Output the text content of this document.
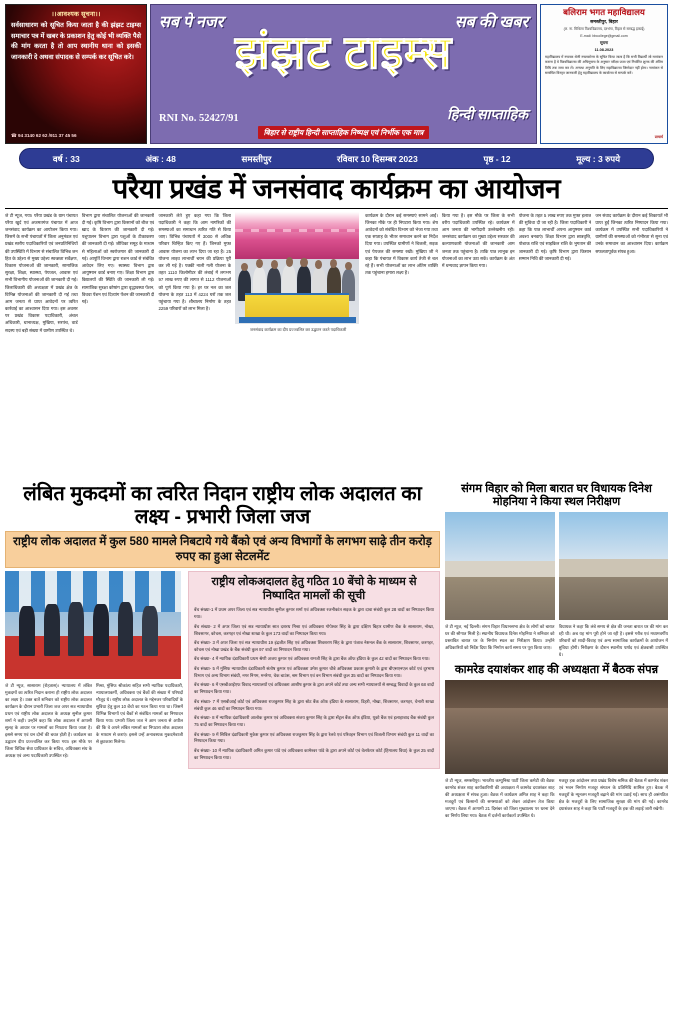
।।आवश्यक सूचना।।
सर्वसाधारण को सूचित किया जाता है की झंझट टाइम्स समाचार पत्र में खबर के प्रकाशन हेतु कोई भी व्यक्ति पैसे की मांग करता है तो आप स्थानीय थाना को इसकी जानकारी दे अथवा संपादक से सम्पर्क कर सूचित करे।
☎ 94 3140 62 62 /911 37 45 56
सब पे नजर	सब की खबर
झंझट टाइम्स
RNI No. 52427/91	हिन्दी साप्ताहिक
बिहार से राष्ट्रीय हिन्दी साप्ताहिक निष्पक्ष एवं निर्भीक एक मात्र
बलिराम भगत महाविद्यालय
समस्तीपुर, बिहार
(ल. ना. मिथिला विश्वविद्यालय, दरभंगा, बिहार से सम्बद्ध इकाई)
E-mail: bbcollege@gmail.com
सूचना
11.08.2023
महाविद्यालय में स्नातक श्रेणी स्नातकोत्तर के सूचित किया जाता है कि सभी विद्यार्थी जो नामांकन कराना है वे विश्वविद्यालय की अधिसूचना के अनुसार परीक्षा प्रपत्र एवं निर्धारित शुल्क की अंतिम तिथि तक जमा कर लें। अन्यथा अनुमति के लिए महाविद्यालय जिम्मेदार नहीं होगा। नामांकन से सम्बंधित विस्तृत जानकारी हेतु महाविद्यालय के कार्यालय से सम्पर्क करें।
प्राचार्य
वर्ष : 33	अंक : 48	समस्तीपुर	रविवार 10 दिसम्बर 2023	पृष्ठ - 12	मूल्य : 3 रुपये
परैया प्रखंड में जनसंवाद कार्यक्रम का आयोजन
जे टी न्यूज, गया। परैया प्रखंड के ग्राम पंचायत परैया खुर्द एवं अजमतगंज पंचायत में आज जनसंवाद कार्यक्रम का आयोजन किया गया। जिसमें के सभी पंचायतों में जिला अनुमंडल एवं प्रखंड स्तरीय पदाधिकारियों एवं जनप्रतिनिधियों की उपस्थिति में विभाग से संचालित विभिन्न जन हित के उद्देश्य से मुख्य उद्देश्य स्वच्छता सर्वेक्षण, विकास योजनाओं की जानकारी, सामाजिक सुरक्षा, शिक्षा, स्वास्थ्य, पेयजल, आवास एवं सभी विभागीय योजनाओं की जानकारी दी गई। जिलाधिकारी की अध्यक्षता में प्रखंड क्षेत्र के विभिन्न योजनाओं की जानकारी दी गई तथा आम जनता से प्राप्त आवेदनों पर त्वरित कार्रवाई का आश्वासन दिया गया। इस अवसर पर प्रखंड विकास पदाधिकारी, अंचल अधिकारी, थानाध्यक्ष, मुखिया, सरपंच, वार्ड सदस्य एवं बड़ी संख्या में ग्रामीण उपस्थित थे।
विभाग द्वारा संचालित योजनाओं की जानकारी दी गई। कृषि विभाग द्वारा किसानों को बीज एवं खाद के वितरण की जानकारी दी गई। पशुपालन विभाग द्वारा पशुओं के टीकाकरण की जानकारी दी गई। जीविका समूह के माध्यम से महिलाओं को स्वरोजगार की जानकारी दी गई। आपूर्ति विभाग द्वारा राशन कार्ड से संबंधित आवेदन लिए गए। स्वास्थ्य विभाग द्वारा आयुष्मान कार्ड बनाए गए। शिक्षा विभाग द्वारा विद्यालयों की स्थिति की जानकारी ली गई। सामाजिक सुरक्षा कोषांग द्वारा वृद्धावस्था पेंशन, विधवा पेंशन एवं दिव्यांग पेंशन की जानकारी दी गई।
जानकारी लेते हुए कहा गया कि जिला पदाधिकारी ने कहा कि आम नागरिकों की समस्याओं का समाधान त्वरित गति से किया जाए। विभिन्न पंचायतों में 3000 से अधिक परिवार चिन्हित किए गए हैं। जिनको मुफ्त आवास योजना का लाभ दिया जा रहा है। 25 योजना लाइव लाभार्थी चयन की प्रक्रिया पूरी कर ली गई है। पक्की नाली गली योजना के तहत 1110 किलोमीटर की लंबाई में लगभग 97 लाख रुपए की लागत से 1112 योजनाओं को पूर्ण किया गया है। हर घर नल का जल योजना के तहत 113 में 4224 घरों तक जल पहुंचाया गया है। शौचालय निर्माण के तहत 2259 परिवारों को लाभ मिला है।
जनसंवाद कार्यक्रम का दीप प्रज्ज्वलित कर उद्घाटन करते पदाधिकारी
कार्यक्रम के दौरान कई समस्याएं सामने आईं। जिनका मौके पर ही निपटारा किया गया। शेष आवेदनों को संबंधित विभाग को भेजा गया तथा एक सप्ताह के भीतर समाधान करने का निर्देश दिया गया। उपस्थित ग्रामीणों ने बिजली, सड़क एवं पेयजल की समस्या रखी। मुखिया जी ने कहा कि पंचायत में विकास कार्य तेजी से चल रहे हैं। सभी योजनाओं का लाभ अंतिम व्यक्ति तक पहुंचाना हमारा लक्ष्य है।
किया गया है। इस मौके पर जिला के सभी वरीय पदाधिकारी उपस्थित रहे। कार्यक्रम में आम जनता की भागीदारी उल्लेखनीय रही। जनसंवाद कार्यक्रम का मुख्य उद्देश्य सरकार की कल्याणकारी योजनाओं की जानकारी आम जनता तक पहुंचाना है। ताकि पात्र लाभुक इन योजनाओं का लाभ उठा सकें। कार्यक्रम के अंत में धन्यवाद ज्ञापन किया गया।
योजना के तहत 5 लाख रुपए तक मुफ्त इलाज की सुविधा दी जा रही है। जिला पदाधिकारी ने कहा कि पात्र लाभार्थी अपना आयुष्मान कार्ड अवश्य बनवाएं। शिक्षा विभाग द्वारा छात्रवृत्ति, पोशाक राशि एवं साइकिल राशि के भुगतान की जानकारी दी गई। कृषि विभाग द्वारा किसान सम्मान निधि की जानकारी दी गई।
जन संवाद कार्यक्रम के दौरान कई शिकायतें भी प्राप्त हुईं जिनका त्वरित निष्पादन किया गया। कार्यक्रम में उपस्थित सभी पदाधिकारियों ने ग्रामीणों की समस्याओं को गंभीरता से सुना एवं उनके समाधान का आश्वासन दिया। कार्यक्रम सफलतापूर्वक संपन्न हुआ।
लंबित मुकदमों का त्वरित निदान राष्ट्रीय लोक अदालत का लक्ष्य - प्रभारी जिला जज
राष्ट्रीय लोक अदालत में कुल 580 मामले निबटाये गये बैंको एवं अन्य विभागों के लगभग साढ़े तीन करोड़ रुपए का हुआ सेटलमेंट
जे टी न्यूज, सासाराम (रोहतास)। न्यायालय में लंबित मुकदमों का त्वरित निदान कराना ही राष्ट्रीय लोक अदालत का लक्ष्य है। उक्त बातें शनिवार को राष्ट्रीय लोक अदालत कार्यक्रम के दौरान प्रभारी जिला जज अपर सत्र न्यायाधीश प्रथम एवं राष्ट्रीय लोक अदालत के अध्यक्ष सुनील कुमार शर्मा ने कही। उन्होंने कहा कि लोक अदालत में आपसी सुलह के आधार पर मामलों का निपटारा किया जाता है। इससे समय एवं धन दोनों की बचत होती है। कार्यक्रम का उद्घाटन दीप प्रज्ज्वलित कर किया गया। इस मौके पर जिला विधिक सेवा प्राधिकार के सचिव, अधिवक्ता संघ के अध्यक्ष एवं अन्य पदाधिकारी उपस्थित रहे।
मिश्रा, मुंसिफ श्रीकांत्य सहित सभी न्यायिक पदाधिकारी, न्यायालयकर्मी, अधिवक्ता एवं बैंकों की संख्या में परिषदों मौजूद थे। राष्ट्रीय लोक अदालत के मद्देनजर परिवादियों के सुविधा हेतु कुल 10 बेंचो का गठन किया गया था। जिसमें विभिन्न विभागों एवं बैंकों से संबंधित मामलों का निष्पादन किया गया। प्रभारी जिला जज ने आम जनता से अपील की कि वे अपने लंबित मामलों का निपटारा लोक अदालत के माध्यम से कराएं। इससे उन्हें अनावश्यक मुकदमेबाजी से छुटकारा मिलेगा।
राष्ट्रीय लोकअदालत हेतु गठित 10 बेंचो के माध्यम से निष्पादित मामलों की सूची
बेंच संख्या-1 में प्रथम अपर जिला एवं सत्र न्यायाधीश सुनील कुमार शर्मा एवं अधिवक्ता रजनीकांत सड़क के द्वारा दावा संबंधी कुल 28 वादों का निष्पादन किया गया।
बेंच संख्या- 2 में अपर जिला एवं सत्र न्यायाधीश सात दशरथ मिश्रा एवं अधिवक्ता गोपेश्वर सिंह के द्वारा दक्षिण बिहार ग्रामीण बैंक के सासाराम, नोखा, शिवसागर, कोचस, करगहर एवं नोखा शाखा के कुल 173 वादों का निष्पादन किया गया।
बेंच संख्या- 3 में अपर जिला एवं सत्र न्यायाधीश 19 इंद्रजीत सिंह एवं अधिवक्ता शिवशरण सिंह के द्वारा पंजाब नेशनल बैंक के सासाराम, शिवसागर, करगहर, कोचस एवं नोखा प्रखंड के बैंक संबंधी कुल 97 वादों का निष्पादन किया गया।
बेंच संख्या- 4 में न्यायिक दंडाधिकारी प्रथम श्रेणी अजय कुमार एवं अधिवक्ता रामजी सिंह के द्वारा बैंक ऑफ इंडिया के कुल 42 वादों का निष्पादन किया गया।
बेंच संख्या- 5 में मुंसिफ न्यायाधीश दंडाधिकारी संतोष कुमार एवं अधिवक्ता उमेश कुमार चौबे अधिवक्ता प्रकाश कुमारी के द्वारा बीएसएनएल कोर्ट एवं दूरभाष विभाग एवं अन्य विभाग संबंधी, नगर निगम, मनरेगा, चेक बाउंस, श्रम विभाग एवं वन विभाग संबंधी कुल 35 वादों का निष्पादन किया गया।
बेंच संख्या- 6 में एसबीआईएफ विवाद न्यायालयों एवं अधिवक्ता आशीष कुमार के द्वारा अपने कोर्ट तथा अन्य सभी न्यायालयों से सम्बद्ध विवादों के कुल 68 वादों का निष्पादन किया गया।
बेंच संख्या- 7 में एसबीआई कोर्ट एवं अधिवक्ता राजकुमार सिंह के द्वारा स्टेट बैंक ऑफ इंडिया के सासाराम, डिहरी, नोखा, शिवसागर, करगहर, चेनारी शाखा संबंधी कुल 46 वादों का निष्पादन किया गया।
बेंच संख्या- 8 में न्यायिक दंडाधिकारी आलोक कुमार एवं अधिवक्ता संजय कुमार सिंह के द्वारा सेंट्रल बैंक ऑफ इंडिया, यूको बैंक एवं इलाहाबाद बैंक संबंधी कुल 75 वादों का निष्पादन किया गया।
बेंच संख्या- 9 में सिविल दंडाधिकारी मुकेश कुमार एवं अधिवक्ता राजकुमार सिंह के द्वारा रेलवे एवं परिवहन विभाग एवं बिजली विभाग संबंधी कुल 11 वादों का निष्पादन किया गया।
बेंच संख्या- 10 में न्यायिक दंडाधिकारी अमित कुमार पांडे एवं अधिवक्ता कामेश्वर पांडे के द्वारा अपने कोर्ट एवं वेलफेयर कोर्ट (हिमालय विधा) के कुल 25 वादों का निष्पादन किया गया।
संगम विहार को मिला बारात घर विधायक दिनेश मोहनिया ने किया स्थल निरीक्षण
जे टी न्यूज, नई दिल्ली। संगम विहार विधानसभा क्षेत्र के लोगों को बारात घर की सौगात मिली है। स्थानीय विधायक दिनेश मोहनिया ने शनिवार को प्रस्तावित बारात घर के निर्माण स्थल का निरीक्षण किया। उन्होंने अधिकारियों को निर्देश दिया कि निर्माण कार्य समय पर पूरा किया जाए।
विधायक ने कहा कि लंबे समय से क्षेत्र की जनता बारात घर की मांग कर रही थी। अब यह मांग पूरी होने जा रही है। इससे गरीब एवं मध्यमवर्गीय परिवारों को शादी-विवाह एवं अन्य सामाजिक कार्यक्रमों के आयोजन में सुविधा होगी। निरीक्षण के दौरान स्थानीय पार्षद एवं क्षेत्रवासी उपस्थित थे।
कामरेड दयाशंकर शाह की अध्यक्षता में बैठक संपन्न
जे टी न्यूज, समस्तीपुर। भारतीय कम्युनिस्ट पार्टी जिला कमेटी की बैठक कामरेड शंकर शाह कार्यकारिणी की अध्यक्षता में कामरेड दयाशंकर शाह की अध्यक्षता में संपन्न हुआ। बैठक में कार्यक्रम अमित शाह ने कहा कि मजदूरों एवं किसानों की समस्याओं को लेकर आंदोलन तेज किया जाएगा। बैठक में आगामी 21 दिसंबर को जिला मुख्यालय पर धरना देने का निर्णय लिया गया। बैठक में दर्जनों कार्यकर्ता उपस्थित थे।
मजदूर हक आंदोलन तथा प्रखंड विशेष श्रमिक की बैठक में कामरेड शंकर एवं भवन निर्माण मजदूर संगठन के प्रतिनिधि शामिल हुए। बैठक में मजदूरों के न्यूनतम मजदूरी बढ़ाने की मांग उठाई गई। साथ ही असंगठित क्षेत्र के मजदूरों के लिए सामाजिक सुरक्षा की मांग की गई। कामरेड दयाशंकर शाह ने कहा कि पार्टी मजदूरों के हक की लड़ाई जारी रखेगी।
